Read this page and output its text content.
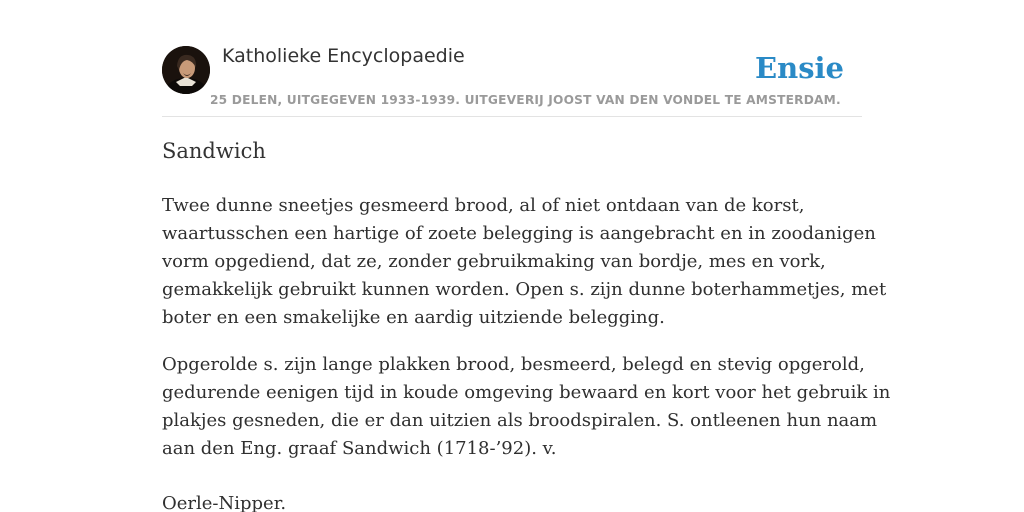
Katholieke Encyclopaedie
25 DELEN, UITGEGEVEN 1933-1939. UITGEVERIJ JOOST VAN DEN VONDEL TE AMSTERDAM.
Ensie
Sandwich

Twee dunne sneetjes gesmeerd brood, al of niet ontdaan van de korst,
waartusschen een hartige of zoete belegging is aangebracht en in zoodanigen
vorm opgediend, dat ze, zonder gebruikmaking van bordje, mes en vork,
gemakkelijk gebruikt kunnen worden. Open s. zijn dunne boterhammetjes, met
boter en een smakelijke en aardig uitziende belegging.

Opgerolde s. zijn lange plakken brood, besmeerd, belegd en stevig opgerold,
gedurende eenigen tijd in koude omgeving bewaard en kort voor het gebruik in
plakjes gesneden, die er dan uitzien als broodspiralen. S. ontleenen hun naam
aan den Eng. graaf Sandwich (1718-’92). v.

Oerle-Nipper.
